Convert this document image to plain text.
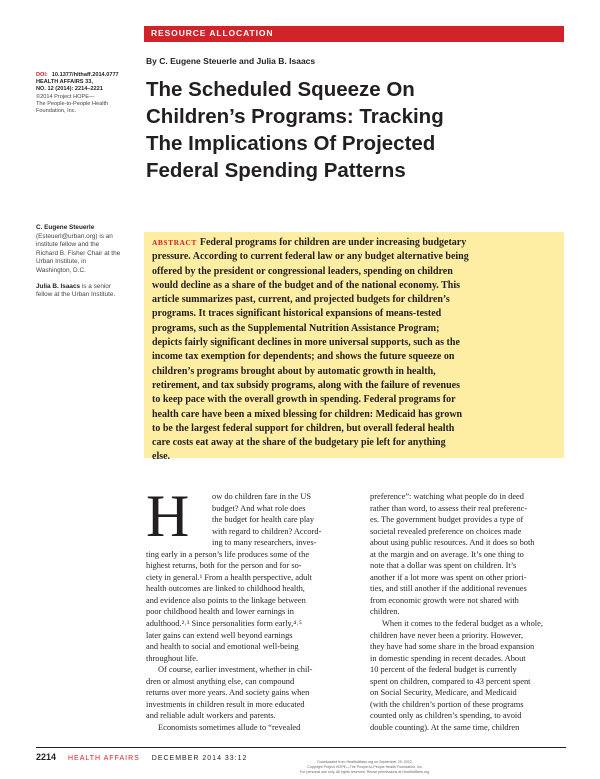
RESOURCE ALLOCATION
By C. Eugene Steuerle and Julia B. Isaacs
The Scheduled Squeeze On
Children’s Programs: Tracking
The Implications Of Projected
Federal Spending Patterns
DOI: 10.1377/hlthaff.2014.0777
HEALTH AFFAIRS 33,
NO. 12 (2014): 2214–2221
©2014 Project HOPE—
The People-to-People Health
Foundation, Inc.
C. Eugene Steuerle
(Esteuerl@urban.org) is an
institute fellow and the
Richard B. Fisher Chair at the
Urban Institute, in
Washington, D.C.
Julia B. Isaacs is a senior
fellow at the Urban Institute.
ABSTRACT Federal programs for children are under increasing budgetary
pressure. According to current federal law or any budget alternative being
offered by the president or congressional leaders, spending on children
would decline as a share of the budget and of the national economy. This
article summarizes past, current, and projected budgets for children’s
programs. It traces significant historical expansions of means-tested
programs, such as the Supplemental Nutrition Assistance Program;
depicts fairly significant declines in more universal supports, such as the
income tax exemption for dependents; and shows the future squeeze on
children’s programs brought about by automatic growth in health,
retirement, and tax subsidy programs, along with the failure of revenues
to keep pace with the overall growth in spending. Federal programs for
health care have been a mixed blessing for children: Medicaid has grown
to be the largest federal support for children, but overall federal health
care costs eat away at the share of the budgetary pie left for anything
else.
H	ow do children fare in the US
budget? And what role does
the budget for health care play
with regard to children? Accord-
ing to many researchers, inves-
ting early in a person’s life produces some of the
highest returns, both for the person and for so-
ciety in general.¹ From a health perspective, adult
health outcomes are linked to childhood health,
and evidence also points to the linkage between
poor childhood health and lower earnings in
adulthood.²˒³ Since personalities form early,⁴˒⁵
later gains can extend well beyond earnings
and health to social and emotional well-being
throughout life.
Of course, earlier investment, whether in chil-
dren or almost anything else, can compound
returns over more years. And society gains when
investments in children result in more educated
and reliable adult workers and parents.
Economists sometimes allude to “revealed
preference”: watching what people do in deed
rather than word, to assess their real preferenc-
es. The government budget provides a type of
societal revealed preference on choices made
about using public resources. And it does so both
at the margin and on average. It’s one thing to
note that a dollar was spent on children. It’s
another if a lot more was spent on other priori-
ties, and still another if the additional revenues
from economic growth were not shared with
children.
When it comes to the federal budget as a whole,
children have never been a priority. However,
they have had some share in the broad expansion
in domestic spending in recent decades. About
10 percent of the federal budget is currently
spent on children, compared to 43 percent spent
on Social Security, Medicare, and Medicaid
(with the children’s portion of these programs
counted only as children’s spending, to avoid
double counting). At the same time, children
2214 HEALTH AFFAIRS DECEMBER 2014 33:12	Downloaded from HealthAffairs.org on September 29, 2022.
Copyright Project HOPE—The People-to-People Health Foundation, Inc.
For personal use only. All rights reserved. Reuse permissions at HealthAffairs.org.
